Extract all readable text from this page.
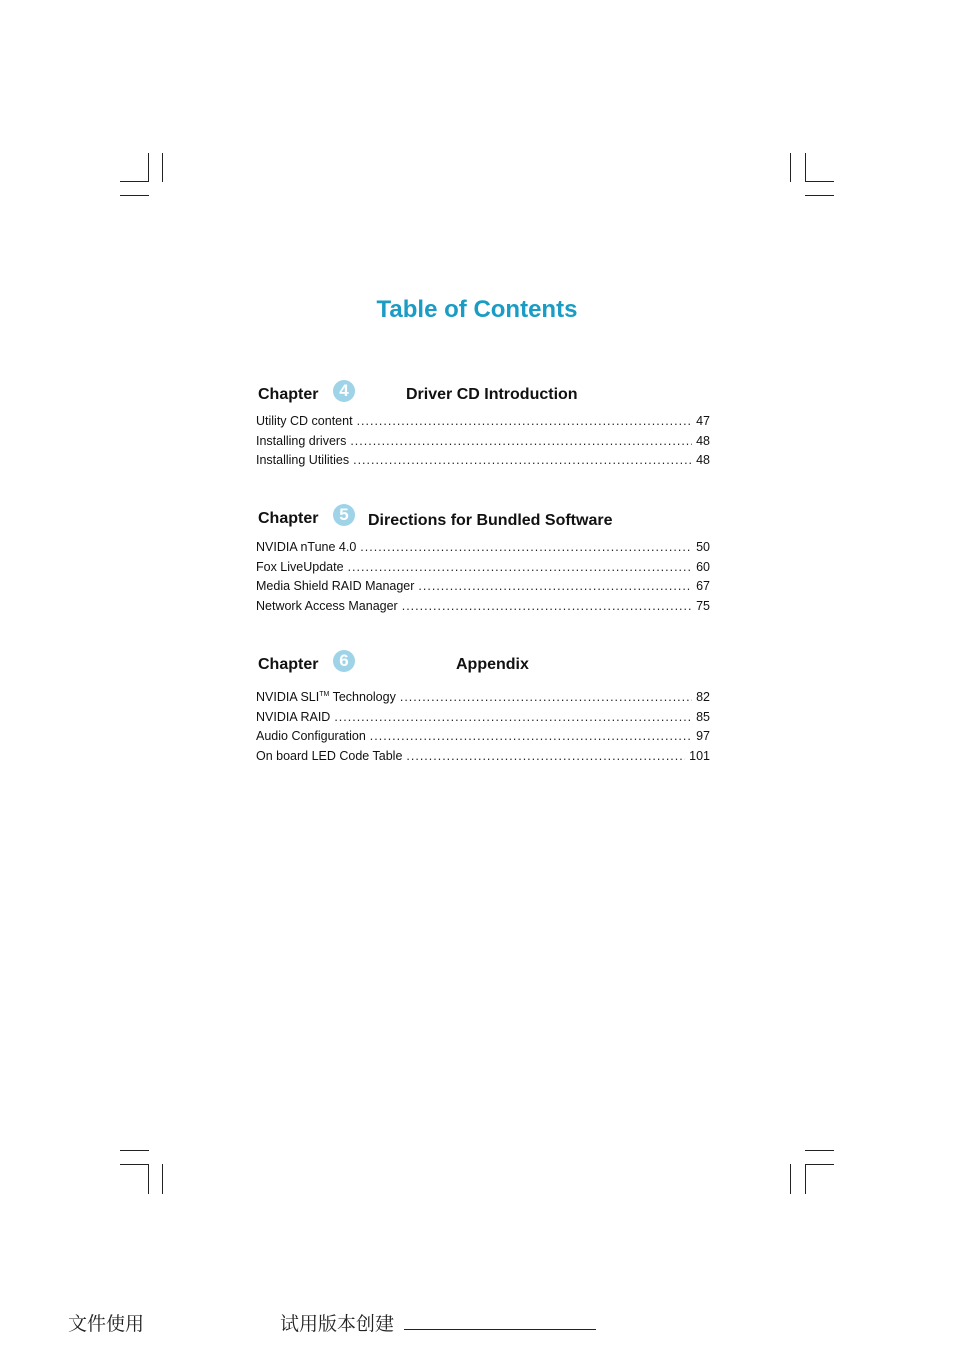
Table of Contents
Chapter	4	Driver CD Introduction
Utility CD content .....	47
Installing drivers .....	48
Installing Utilities .....	48
Chapter	5	Directions for Bundled Software
NVIDIA nTune 4.0 .....	50
Fox LiveUpdate .....	60
Media Shield RAID Manager .....	67
Network Access Manager .....	75
Chapter	6	Appendix
NVIDIA SLI™ Technology .....	82
NVIDIA RAID .....	85
Audio Configuration .....	97
On board LED Code Table .....	101
文件使用	试用版本创建
